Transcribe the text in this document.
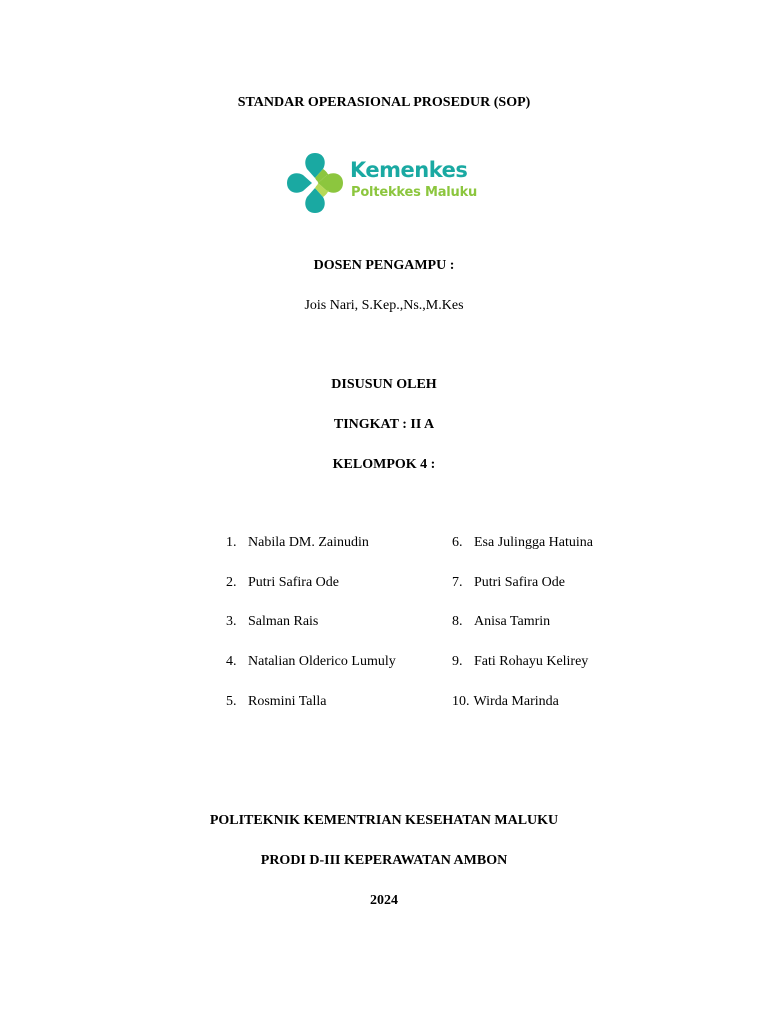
STANDAR OPERASIONAL PROSEDUR (SOP)
Kemenkes
Poltekkes Maluku
DOSEN PENGAMPU :
Jois Nari, S.Kep.,Ns.,M.Kes
DISUSUN OLEH
TINGKAT : II A
KELOMPOK 4 :
1. Nabila DM. Zainudin
2. Putri Safira Ode
3. Salman Rais
4. Natalian Olderico Lumuly
5. Rosmini Talla
6. Esa Julingga Hatuina
7. Putri Safira Ode
8. Anisa Tamrin
9. Fati Rohayu Kelirey
10. Wirda Marinda
POLITEKNIK KEMENTRIAN KESEHATAN MALUKU
PRODI D-III KEPERAWATAN AMBON
2024
